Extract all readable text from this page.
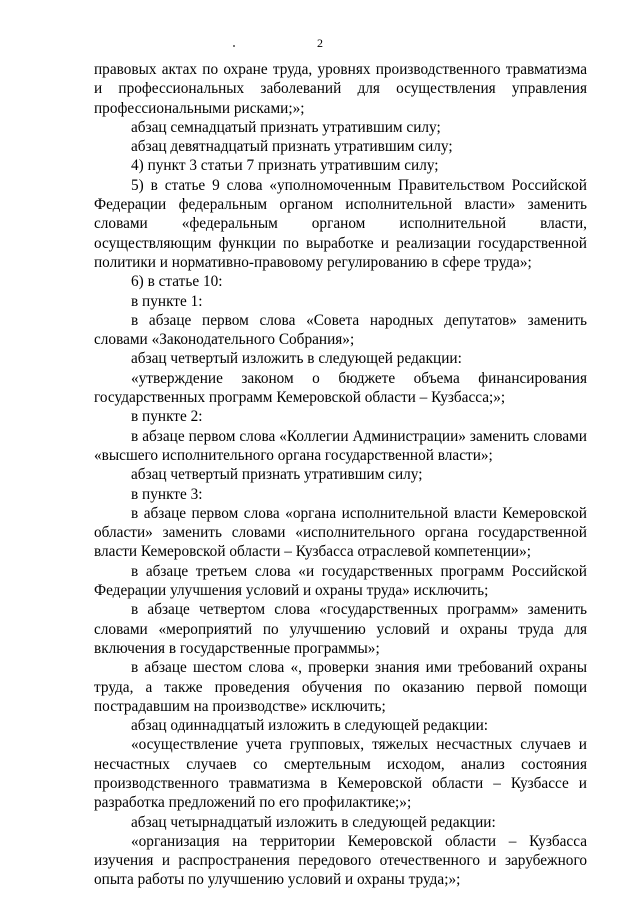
2

правовых актах по охране труда, уровнях производственного травматизма и профессиональных заболеваний для осуществления управления профессиональными рисками;»;

абзац семнадцатый признать утратившим силу;

абзац девятнадцатый признать утратившим силу;

4) пункт 3 статьи 7 признать утратившим силу;

5) в статье 9 слова «уполномоченным Правительством Российской Федерации федеральным органом исполнительной власти» заменить словами «федеральным органом исполнительной власти, осуществляющим функции по выработке и реализации государственной политики и нормативно-правовому регулированию в сфере труда»;

6) в статье 10:

в пункте 1:

в абзаце первом слова «Совета народных депутатов» заменить словами «Законодательного Собрания»;

абзац четвертый изложить в следующей редакции:

«утверждение законом о бюджете объема финансирования государственных программ Кемеровской области – Кузбасса;»;

в пункте 2:

в абзаце первом слова «Коллегии Администрации» заменить словами «высшего исполнительного органа государственной власти»;

абзац четвертый признать утратившим силу;

в пункте 3:

в абзаце первом слова «органа исполнительной власти Кемеровской области» заменить словами «исполнительного органа государственной власти Кемеровской области – Кузбасса отраслевой компетенции»;

в абзаце третьем слова «и государственных программ Российской Федерации улучшения условий и охраны труда» исключить;

в абзаце четвертом слова «государственных программ» заменить словами «мероприятий по улучшению условий и охраны труда для включения в государственные программы»;

в абзаце шестом слова «, проверки знания ими требований охраны труда, а также проведения обучения по оказанию первой помощи пострадавшим на производстве» исключить;

абзац одиннадцатый изложить в следующей редакции:

«осуществление учета групповых, тяжелых несчастных случаев и несчастных случаев со смертельным исходом, анализ состояния производственного травматизма в Кемеровской области – Кузбассе и разработка предложений по его профилактике;»;

абзац четырнадцатый изложить в следующей редакции:

«организация на территории Кемеровской области – Кузбасса изучения и распространения передового отечественного и зарубежного опыта работы по улучшению условий и охраны труда;»;
